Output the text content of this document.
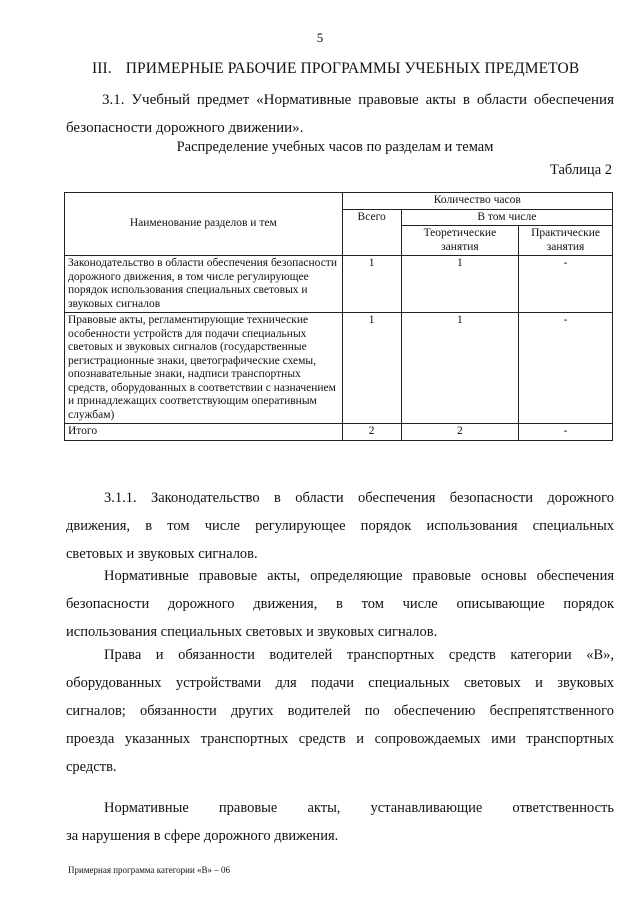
5
III. ПРИМЕРНЫЕ РАБОЧИЕ ПРОГРАММЫ УЧЕБНЫХ ПРЕДМЕТОВ
3.1. Учебный предмет «Нормативные правовые акты в области обеспечения
безопасности дорожного движении».
Распределение учебных часов по разделам и темам
Таблица 2
Наименование разделов и тем	Количество часов		
	Всего	В том числе	
		Теоретические занятия	Практические занятия
Законодательство в области обеспечения безопасности дорожного движения, в том числе регулирующее порядок использования специальных световых и звуковых сигналов	1	1	-
Правовые акты, регламентирующие технические особенности устройств для подачи специальных световых и звуковых сигналов (государственные регистрационные знаки, цветографические схемы, опознавательные знаки, надписи транспортных средств, оборудованных в соответствии с назначением и принадлежащих соответствующим оперативным службам)	1	1	-
Итого	2	2	-
3.1.1. Законодательство в области обеспечения безопасности дорожного
движения, в том числе регулирующее порядок использования специальных
световых и звуковых сигналов.
Нормативные правовые акты, определяющие правовые основы обеспечения
безопасности дорожного движения, в том числе описывающие порядок
использования специальных световых и звуковых сигналов.
Права и обязанности водителей транспортных средств категории «В»,
оборудованных устройствами для подачи специальных световых и звуковых
сигналов; обязанности других водителей по обеспечению беспрепятственного
проезда указанных транспортных средств и сопровождаемых ими транспортных
средств.
Нормативные правовые акты, устанавливающие ответственность
за нарушения в сфере дорожного движения.
Примерная программа категории «В» – 06
